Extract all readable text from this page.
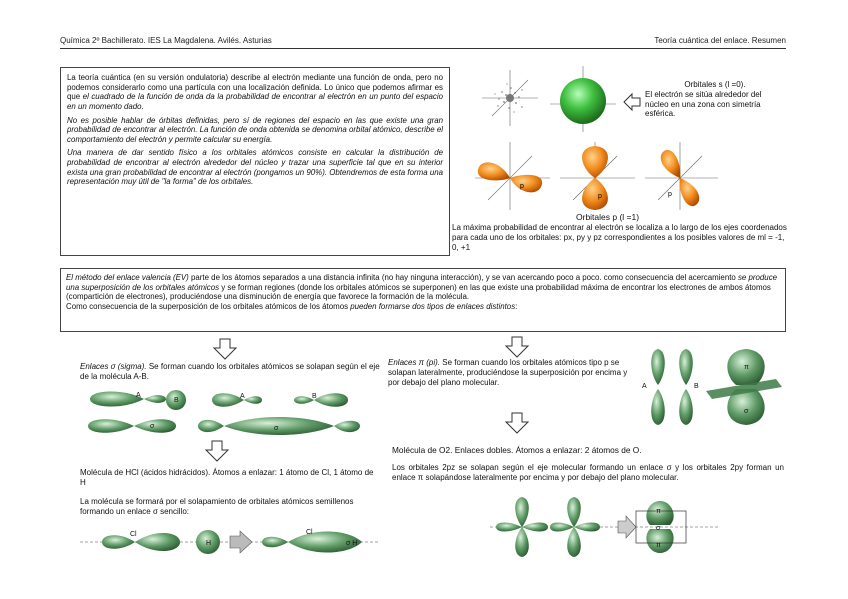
Química 2º Bachillerato. IES La Magdalena. Avilés. Asturias	Teoría cuántica del enlace. Resumen

La teoría cuántica (en su versión ondulatoria) describe al electrón mediante una función de onda, pero no podemos considerarlo como una partícula con una localización definida. Lo único que podemos afirmar es que el cuadrado de la función de onda da la probabilidad de encontrar al electrón en un punto del espacio en un momento dado.

No es posible hablar de órbitas definidas, pero sí de regiones del espacio en las que existe una gran probabilidad de encontrar al electrón. La función de onda obtenida se denomina orbital atómico, describe el comportamiento del electrón y permite calcular su energía.

Una manera de dar sentido físico a los orbitales atómicos consiste en calcular la distribución de probabilidad de encontrar al electrón alrededor del núcleo y trazar una superficie tal que en su interior exista una gran probabilidad de encontrar al electrón (pongamos un 90%). Obtendremos de esta forma una representación muy útil de "la forma" de los orbitales.

Orbitales s (l =0).
El electrón se sitúa alrededor del núcleo en una zona con simetría esférica.
p
p	p
Orbitales p (l =1)
La máxima probabilidad de encontrar al electrón se localiza a lo largo de los ejes coordenados para cada uno de los orbitales: px, py y pz correspondientes a los posibles valores de ml = -1, 0, +1
El método del enlace valencia (EV) parte de los átomos separados a una distancia infinita (no hay ninguna interacción), y se van acercando poco a poco. como consecuencia del acercamiento se produce una superposición de los orbitales atómicos y se forman regiones (donde los orbitales atómicos se superponen) en las que existe una probabilidad máxima de encontrar los electrones de ambos átomos (compartición de electrones), produciéndose una disminución de energía que favorece la formación de la molécula.
Como consecuencia de la superposición de los orbitales atómicos de los átomos pueden formarse dos tipos de enlaces distintos:
Enlaces σ (sigma). Se forman cuando los orbitales atómicos se solapan según el eje de la molécula A-B.
A
B
A	B
σ	σ
Molécula de HCl (ácidos hidrácidos). Átomos a enlazar: 1 átomo de Cl, 1 átomo de H
La molécula se formará por el solapamiento de orbitales atómicos semillenos formando un enlace σ sencillo:
Cl
H
Cl
σ H
Enlaces π (pi). Se forman cuando los orbitales atómicos tipo p se solapan lateralmente, produciéndose la superposición por encima y por debajo del plano molecular.	A	B
π
σ
Molécula de O2. Enlaces dobles. Átomos a enlazar: 2 átomos de O.
Los orbitales 2pz se solapan según el eje molecular formando un enlace σ y los orbitales 2py forman un enlace π solapándose lateralmente por encima y por debajo del plano molecular.
π
σ
π
